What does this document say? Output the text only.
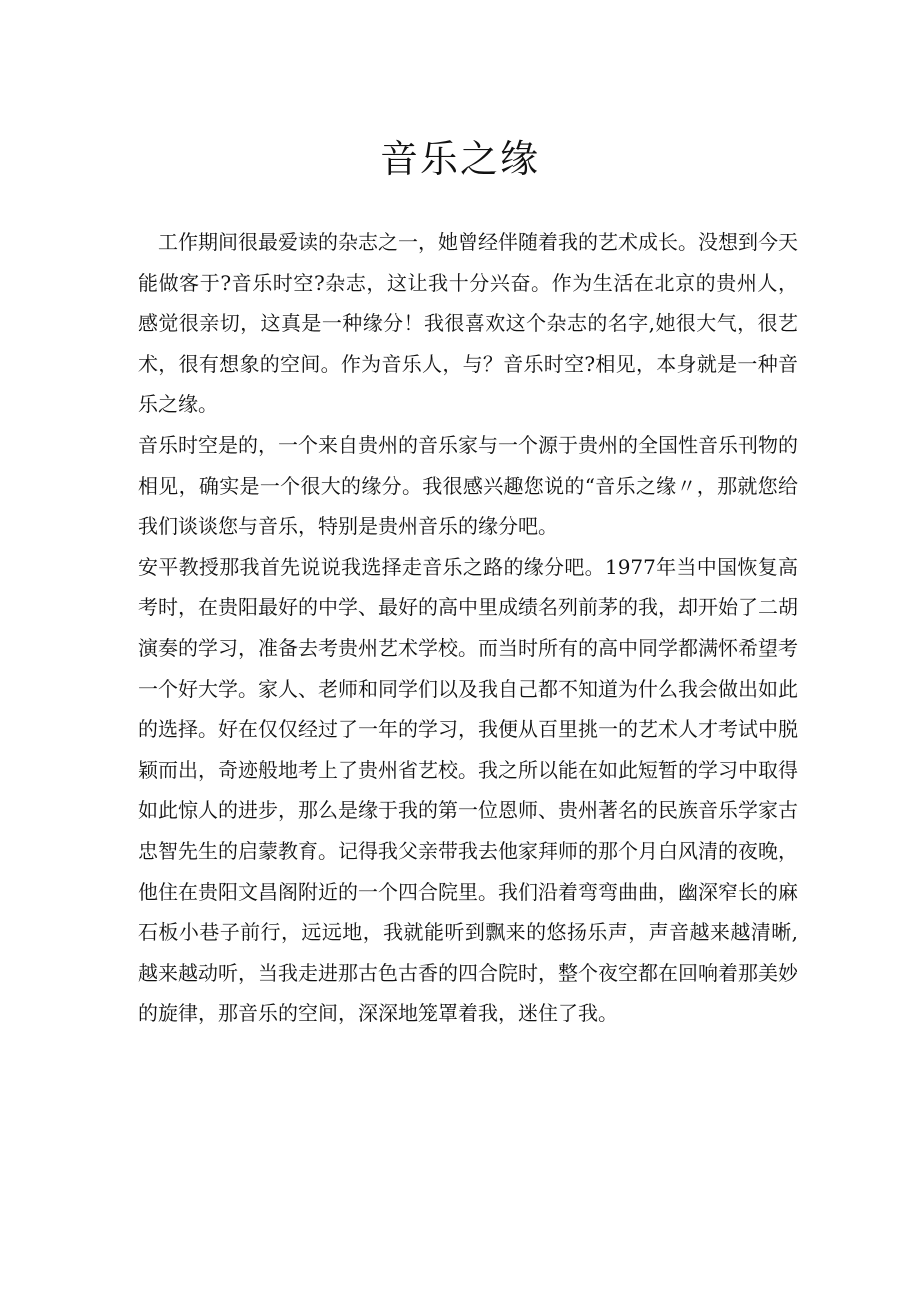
音乐之缘

工作期间很最爱读的杂志之一，她曾经伴随着我的艺术成长。没想到今天能做客于?音乐时空?杂志，这让我十分兴奋。作为生活在北京的贵州人，感觉很亲切，这真是一种缘分！我很喜欢这个杂志的名字,她很大气，很艺术，很有想象的空间。作为音乐人，与？音乐时空?相见，本身就是一种音乐之缘。

音乐时空是的，一个来自贵州的音乐家与一个源于贵州的全国性音乐刊物的相见，确实是一个很大的缘分。我很感兴趣您说的“音乐之缘〃，那就您给我们谈谈您与音乐，特别是贵州音乐的缘分吧。

安平教授那我首先说说我选择走音乐之路的缘分吧。1977年当中国恢复高考时，在贵阳最好的中学、最好的高中里成绩名列前茅的我，却开始了二胡演奏的学习，准备去考贵州艺术学校。而当时所有的高中同学都满怀希望考一个好大学。家人、老师和同学们以及我自己都不知道为什么我会做出如此的选择。好在仅仅经过了一年的学习，我便从百里挑一的艺术人才考试中脱颖而出，奇迹般地考上了贵州省艺校。我之所以能在如此短暂的学习中取得如此惊人的进步，那么是缘于我的第一位恩师、贵州著名的民族音乐学家古忠智先生的启蒙教育。记得我父亲带我去他家拜师的那个月白风清的夜晚，他住在贵阳文昌阁附近的一个四合院里。我们沿着弯弯曲曲，幽深窄长的麻石板小巷子前行，远远地，我就能听到飘来的悠扬乐声，声音越来越清晰,越来越动听，当我走进那古色古香的四合院时，整个夜空都在回响着那美妙的旋律，那音乐的空间，深深地笼罩着我，迷住了我。
